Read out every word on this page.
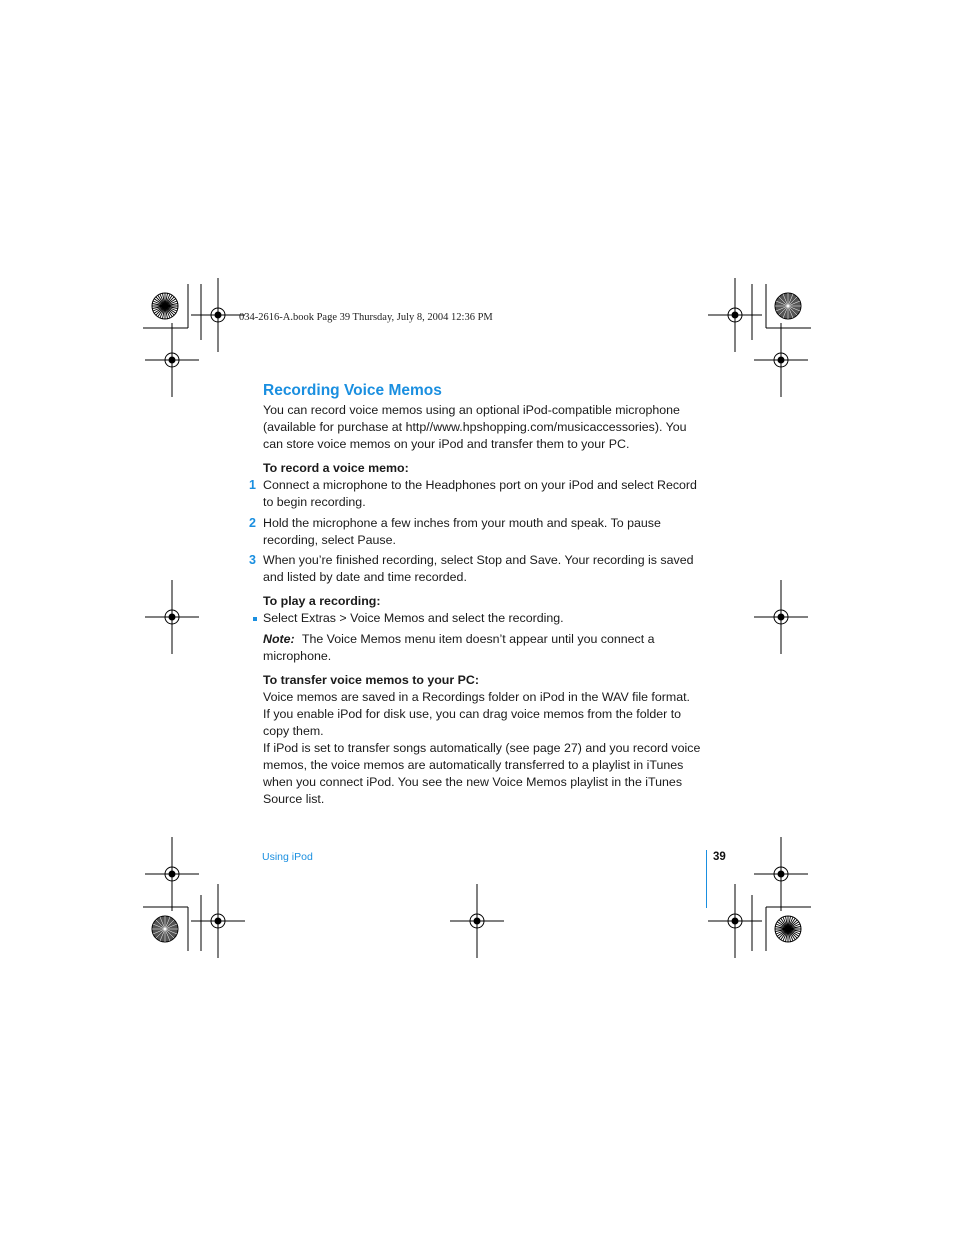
034-2616-A.book Page 39 Thursday, July 8, 2004 12:36 PM
Recording Voice Memos

You can record voice memos using an optional iPod-compatible microphone (available for purchase at http//www.hpshopping.com/musicaccessories). You can store voice memos on your iPod and transfer them to your PC.

To record a voice memo:

1 Connect a microphone to the Headphones port on your iPod and select Record to begin recording.

2 Hold the microphone a few inches from your mouth and speak. To pause recording, select Pause.

3 When you’re finished recording, select Stop and Save. Your recording is saved and listed by date and time recorded.

To play a recording:

Select Extras > Voice Memos and select the recording.

Note: The Voice Memos menu item doesn’t appear until you connect a microphone.

To transfer voice memos to your PC:

Voice memos are saved in a Recordings folder on iPod in the WAV file format.

If you enable iPod for disk use, you can drag voice memos from the folder to copy them.

If iPod is set to transfer songs automatically (see page 27) and you record voice memos, the voice memos are automatically transferred to a playlist in iTunes when you connect iPod. You see the new Voice Memos playlist in the iTunes Source list.

Using iPod	39
